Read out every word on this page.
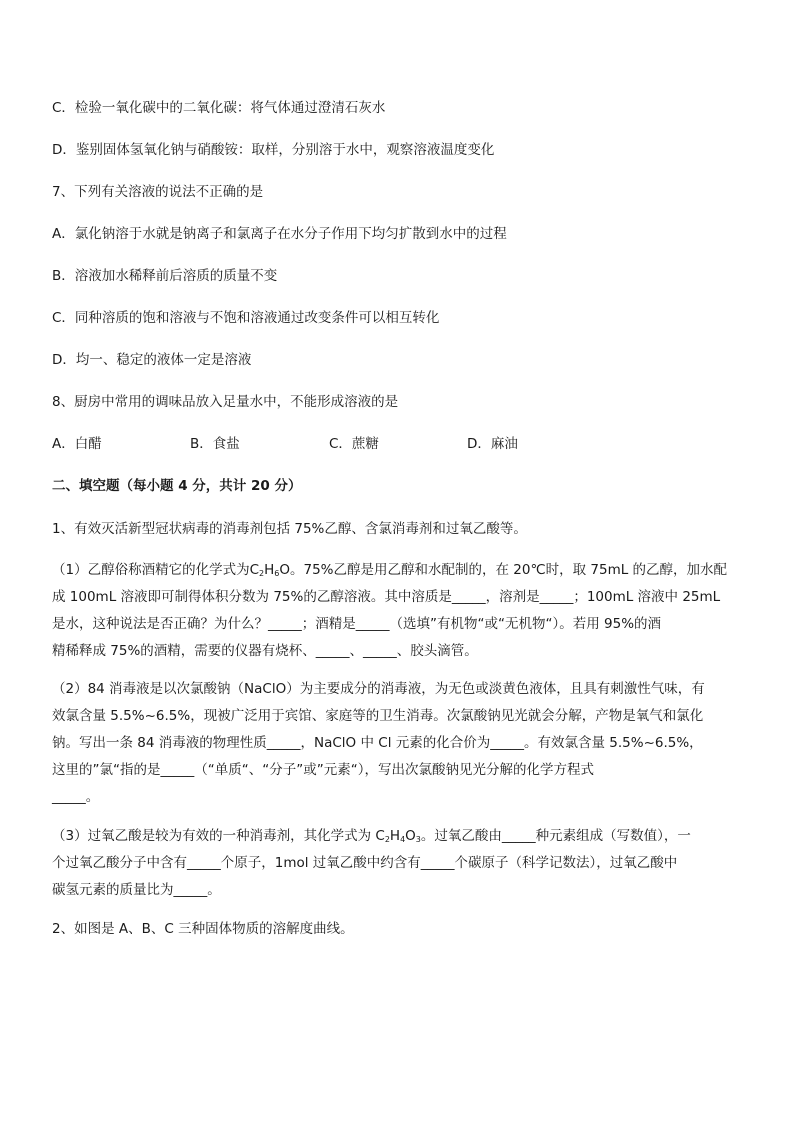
C．检验一氧化碳中的二氧化碳：将气体通过澄清石灰水
D．鉴别固体氢氧化钠与硝酸铵：取样，分别溶于水中，观察溶液温度变化
7、下列有关溶液的说法不正确的是
A．氯化钠溶于水就是钠离子和氯离子在水分子作用下均匀扩散到水中的过程
B．溶液加水稀释前后溶质的质量不变
C．同种溶质的饱和溶液与不饱和溶液通过改变条件可以相互转化
D．均一、稳定的液体一定是溶液
8、厨房中常用的调味品放入足量水中，不能形成溶液的是
A．白醋	B．食盐	C．蔗糖	D．麻油
二、填空题（每小题 4 分，共计 20 分）
1、有效灭活新型冠状病毒的消毒剂包括 75%乙醇、含氯消毒剂和过氧乙酸等。

（1）乙醇俗称酒精它的化学式为$C_2H_6O$。75%乙醇是用乙醇和水配制的，在 20℃时，取 75mL 的乙醇，加水配

成 100mL 溶液即可制得体积分数为 75%的乙醇溶液。其中溶质是_____，溶剂是_____；100mL 溶液中 25mL

是水，这种说法是否正确？为什么？_____；酒精是_____（选填”有机物“或“无机物“）。若用 95%的酒

精稀释成 75%的酒精，需要的仪器有烧杯、_____、_____、胶头滴管。

（2）84 消毒液是以次氯酸钠（NaClO）为主要成分的消毒液，为无色或淡黄色液体，且具有刺激性气味，有

效氯含量 5.5%~6.5%，现被广泛用于宾馆、家庭等的卫生消毒。次氯酸钠见光就会分解，产物是氧气和氯化

钠。写出一条 84 消毒液的物理性质_____，NaClO 中 Cl 元素的化合价为_____。有效氯含量 5.5%~6.5%，

这里的”氯“指的是_____（“单质“、“分子”或”元素“），写出次氯酸钠见光分解的化学方程式

_____。

（3）过氧乙酸是较为有效的一种消毒剂，其化学式为 $C_2H_4O_3$。过氧乙酸由_____种元素组成（写数值），一

个过氧乙酸分子中含有_____个原子，1mol 过氧乙酸中约含有_____个碳原子（科学记数法），过氧乙酸中

碳氢元素的质量比为_____。

2、如图是 A、B、C 三种固体物质的溶解度曲线。
